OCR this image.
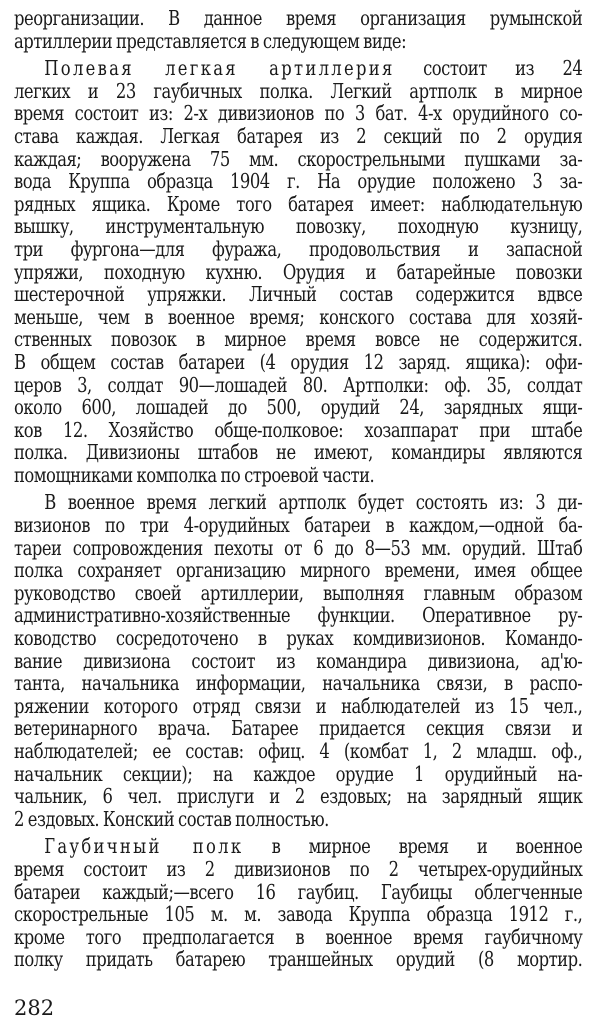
реорганизации. В данное время организация румынской
артиллерии представляется в следующем виде:
Полевая легкая артиллерия состоит из 24
легких и 23 гаубичных полка. Легкий артполк в мирное
время состоит из: 2-х дивизионов по 3 бат. 4-х орудийного со-
става каждая. Легкая батарея из 2 секций по 2 орудия
каждая; вооружена 75 мм. скорострельными пушками за-
вода Круппа образца 1904 г. На орудие положено 3 за-
рядных ящика. Кроме того батарея имеет: наблюдательную
вышку, инструментальную повозку, походную кузницу,
три фургона—для фуража, продовольствия и запасной
упряжи, походную кухню. Орудия и батарейные повозки
шестерочной упряжки. Личный состав содержится вдвсе
меньше, чем в военное время; конского состава для хозяй-
ственных повозок в мирное время вовсе не содержится.
В общем состав батареи (4 орудия 12 заряд. ящика): офи-
церов 3, солдат 90—лошадей 80. Артполки: оф. 35, солдат
около 600, лошадей до 500, орудий 24, зарядных ящи-
ков 12. Хозяйство обще-полковое: хозаппарат при штабе
полка. Дивизионы штабов не имеют, командиры являются
помощниками комполка по строевой части.
В военное время легкий артполк будет состоять из: 3 ди-
визионов по три 4-орудийных батареи в каждом,—одной ба-
тареи сопровождения пехоты от 6 до 8—53 мм. орудий. Штаб
полка сохраняет организацию мирного времени, имея общее
руководство своей артиллерии, выполняя главным образом
административно-хозяйственные функции. Оперативное ру-
ководство сосредоточено в руках комдивизионов. Командо-
вание дивизиона состоит из командира дивизиона, ад'ю-
танта, начальника информации, начальника связи, в распо-
ряжении которого отряд связи и наблюдателей из 15 чел.,
ветеринарного врача. Батарее придается секция связи и
наблюдателей; ее состав: офиц. 4 (комбат 1, 2 младш. оф.,
начальник секции); на каждое орудие 1 орудийный на-
чальник, 6 чел. прислуги и 2 ездовых; на зарядный ящик
2 ездовых. Конский состав полностью.
Гаубичный полк в мирное время и военное
время состоит из 2 дивизионов по 2 четырех-орудийных
батареи каждый;—всего 16 гаубиц. Гаубицы облегченные
скорострельные 105 м. м. завода Круппа образца 1912 г.,
кроме того предполагается в военное время гаубичному
полку придать батарею траншейных орудий (8 мортир.
282
